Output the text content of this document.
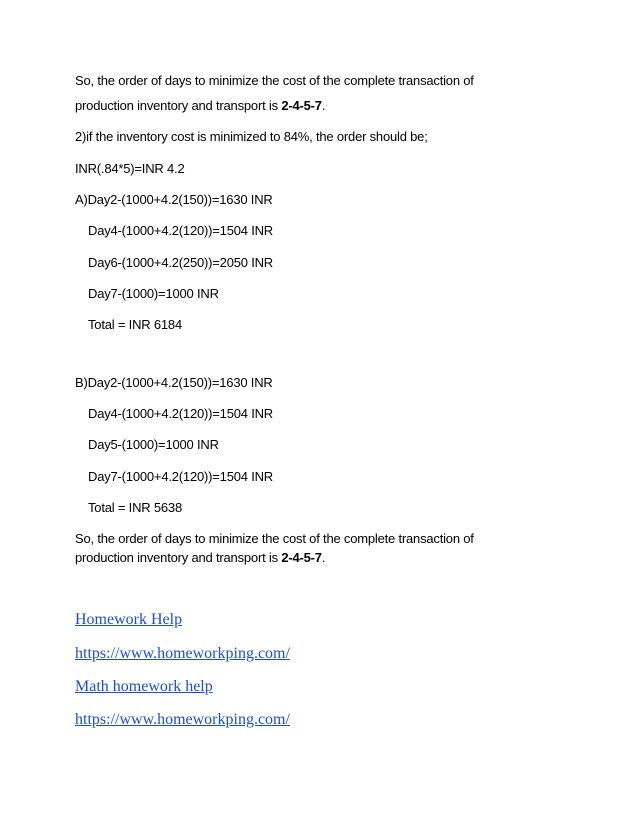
So, the order of days to minimize the cost of the complete transaction of
production inventory and transport is 2-4-5-7.
2)if the inventory cost is minimized to 84%, the order should be;
INR(.84*5)=INR 4.2
A)Day2-(1000+4.2(150))=1630 INR
Day4-(1000+4.2(120))=1504 INR
Day6-(1000+4.2(250))=2050 INR
Day7-(1000)=1000 INR
Total = INR 6184
B)Day2-(1000+4.2(150))=1630 INR
Day4-(1000+4.2(120))=1504 INR
Day5-(1000)=1000 INR
Day7-(1000+4.2(120))=1504 INR
Total = INR 5638
So, the order of days to minimize the cost of the complete transaction of
production inventory and transport is 2-4-5-7.
Homework Help
https://www.homeworkping.com/
Math homework help
https://www.homeworkping.com/
